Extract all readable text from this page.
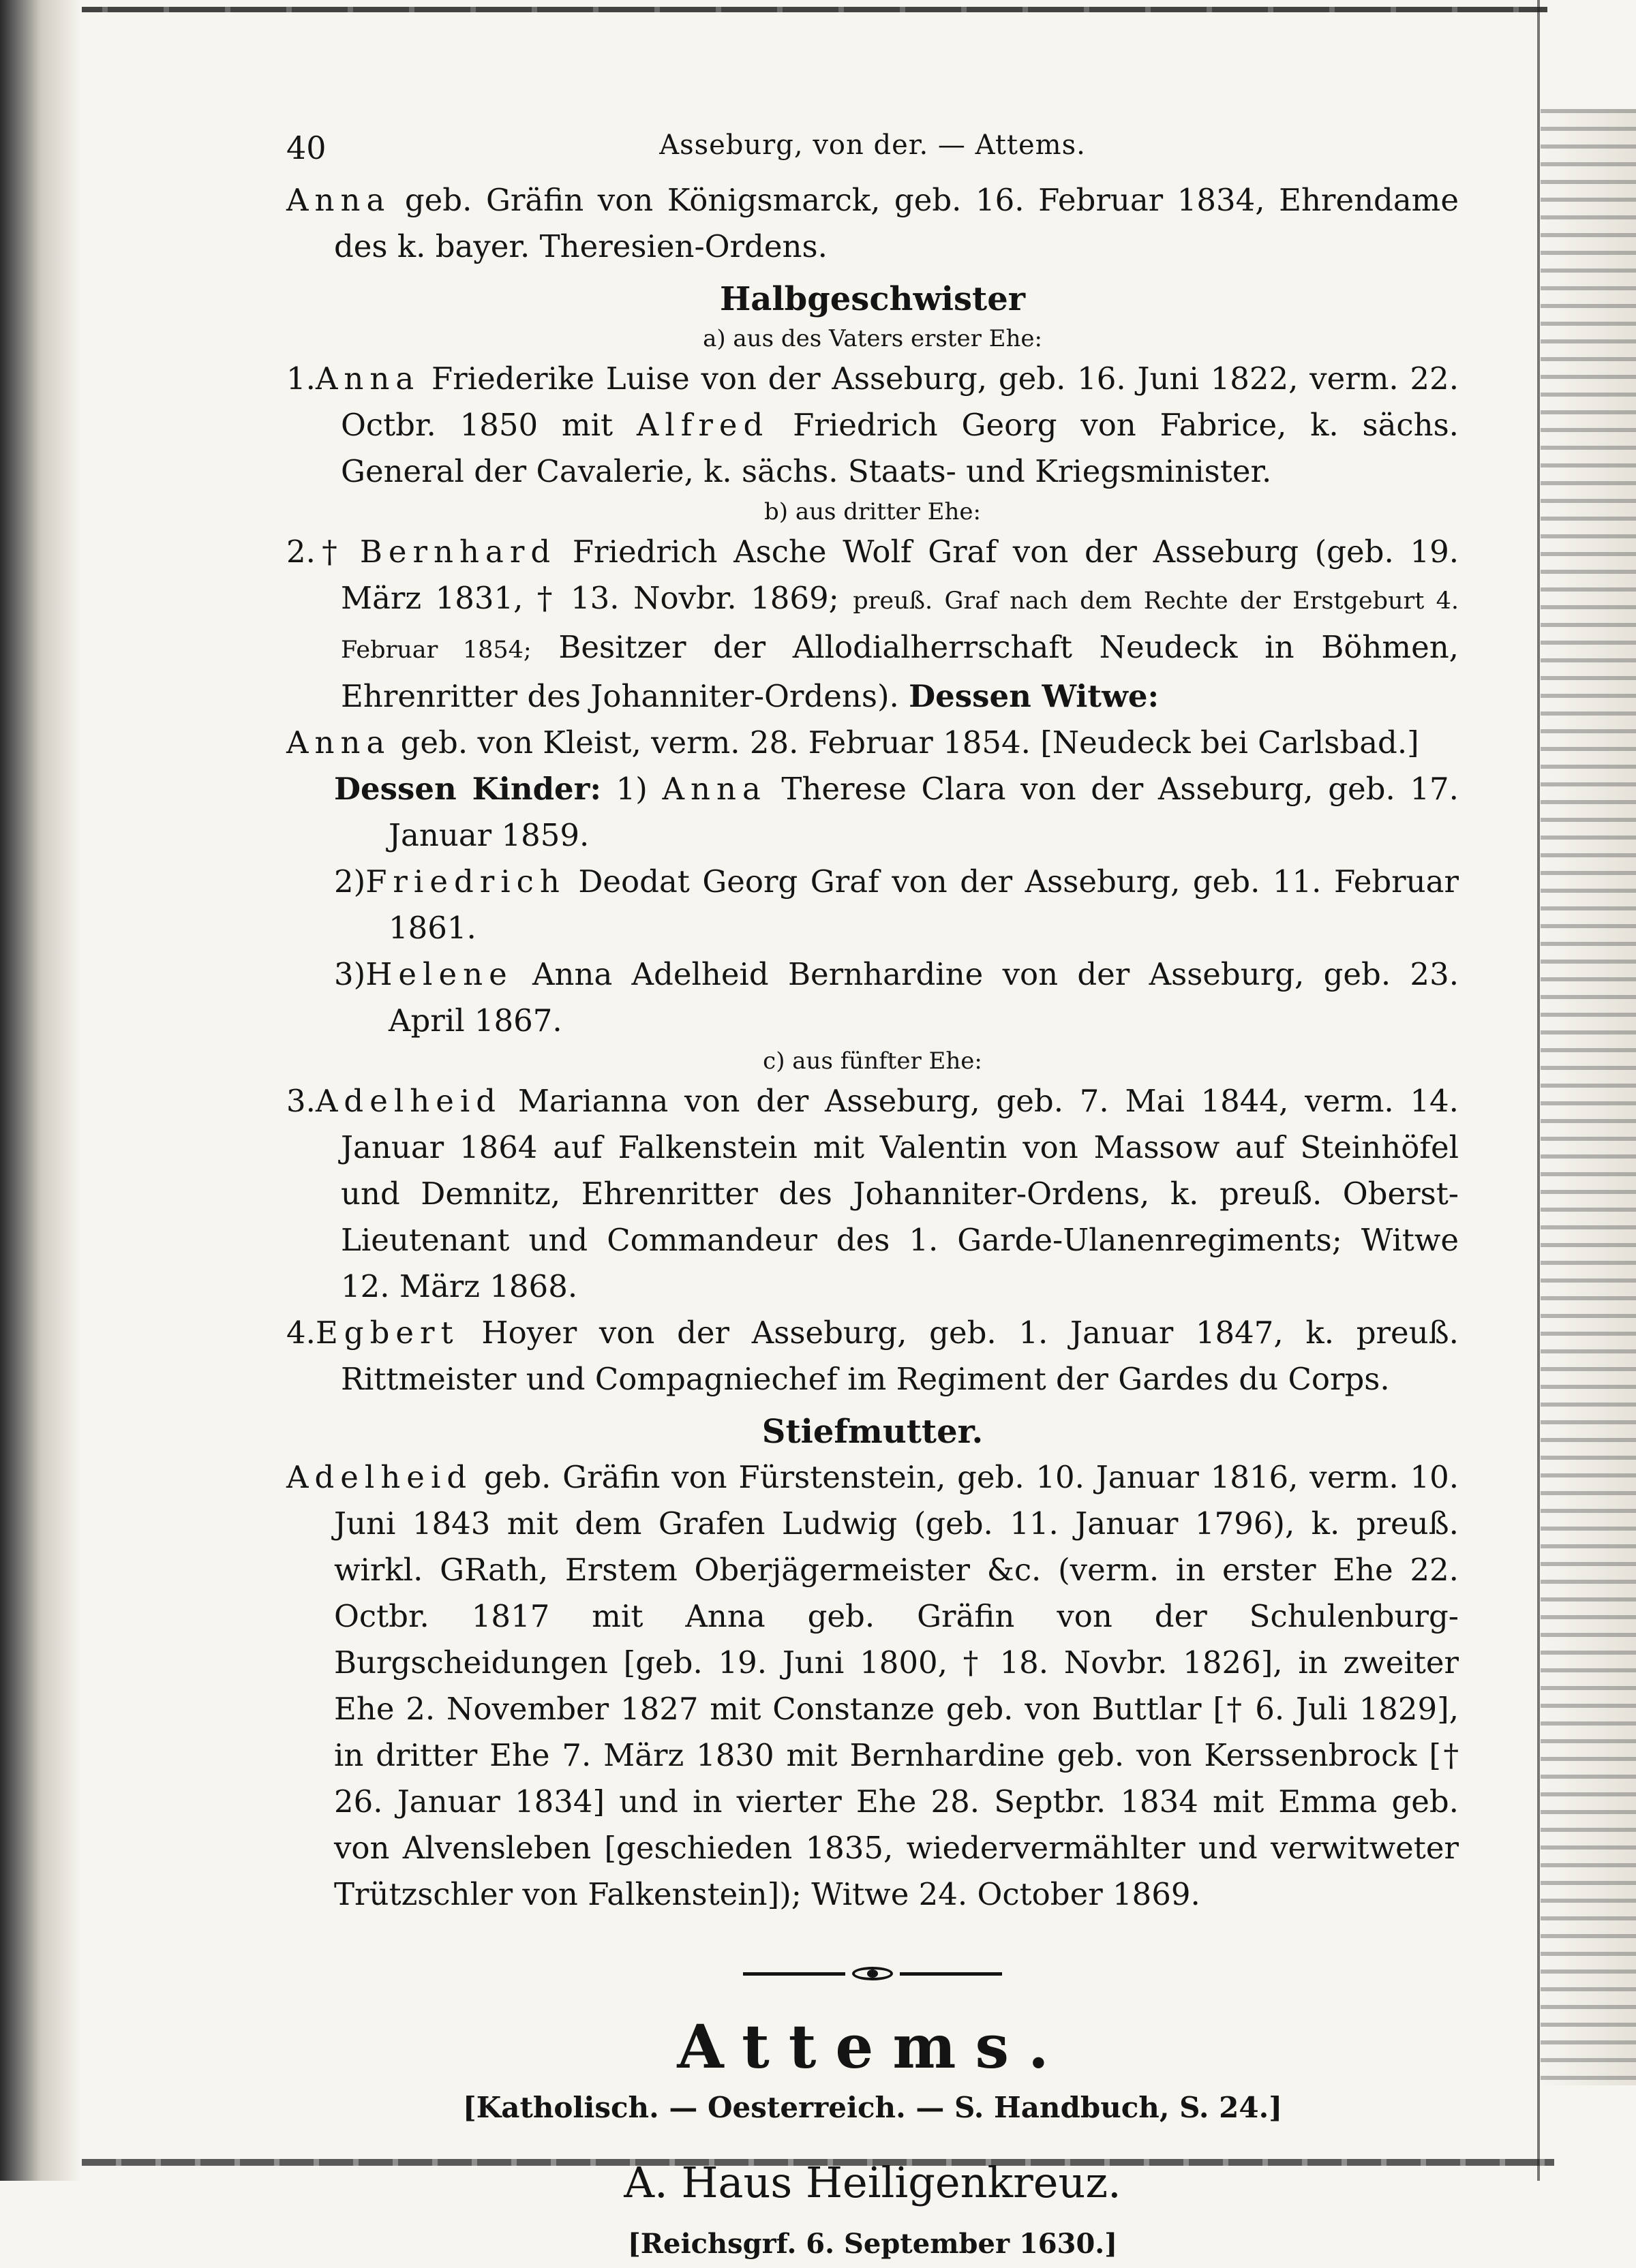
40	Asseburg, von der. — Attems.

Anna geb. Gräfin von Königsmarck, geb. 16. Februar 1834, Ehrendame des k. bayer. Theresien-Ordens.

Halbgeschwister
a) aus des Vaters erster Ehe:

1.Anna Friederike Luise von der Asseburg, geb. 16. Juni 1822, verm. 22. Octbr. 1850 mit Alfred Friedrich Georg von Fabrice, k. sächs. General der Cavalerie, k. sächs. Staats- und Kriegsminister.

b) aus dritter Ehe:

2.† Bernhard Friedrich Asche Wolf Graf von der Asseburg (geb. 19. März 1831, † 13. Novbr. 1869; preuß. Graf nach dem Rechte der Erstgeburt 4. Februar 1854; Besitzer der Allodialherrschaft Neudeck in Böhmen, Ehrenritter des Johanniter-Ordens). Dessen Witwe:

Anna geb. von Kleist, verm. 28. Februar 1854. [Neudeck bei Carlsbad.]

Dessen Kinder: 1) Anna Therese Clara von der Asseburg, geb. 17. Januar 1859.

2)Friedrich Deodat Georg Graf von der Asseburg, geb. 11. Februar 1861.

3)Helene Anna Adelheid Bernhardine von der Asseburg, geb. 23. April 1867.

c) aus fünfter Ehe:

3.Adelheid Marianna von der Asseburg, geb. 7. Mai 1844, verm. 14. Januar 1864 auf Falkenstein mit Valentin von Massow auf Steinhöfel und Demnitz, Ehrenritter des Johanniter-Ordens, k. preuß. Oberst-Lieutenant und Commandeur des 1. Garde-Ulanenregiments; Witwe 12. März 1868.

4.Egbert Hoyer von der Asseburg, geb. 1. Januar 1847, k. preuß. Rittmeister und Compagniechef im Regiment der Gardes du Corps.

Stiefmutter.

Adelheid geb. Gräfin von Fürstenstein, geb. 10. Januar 1816, verm. 10. Juni 1843 mit dem Grafen Ludwig (geb. 11. Januar 1796), k. preuß. wirkl. GRath, Erstem Oberjägermeister &c. (verm. in erster Ehe 22. Octbr. 1817 mit Anna geb. Gräfin von der Schulenburg-Burgscheidungen [geb. 19. Juni 1800, † 18. Novbr. 1826], in zweiter Ehe 2. November 1827 mit Constanze geb. von Buttlar [† 6. Juli 1829], in dritter Ehe 7. März 1830 mit Bernhardine geb. von Kerssenbrock [† 26. Januar 1834] und in vierter Ehe 28. Septbr. 1834 mit Emma geb. von Alvensleben [geschieden 1835, wiedervermählter und verwitweter Trützschler von Falkenstein]); Witwe 24. October 1869.

Attems.
[Katholisch. — Oesterreich. — S. Handbuch, S. 24.]
A. Haus Heiligenkreuz.
[Reichsgrf. 6. September 1630.]
